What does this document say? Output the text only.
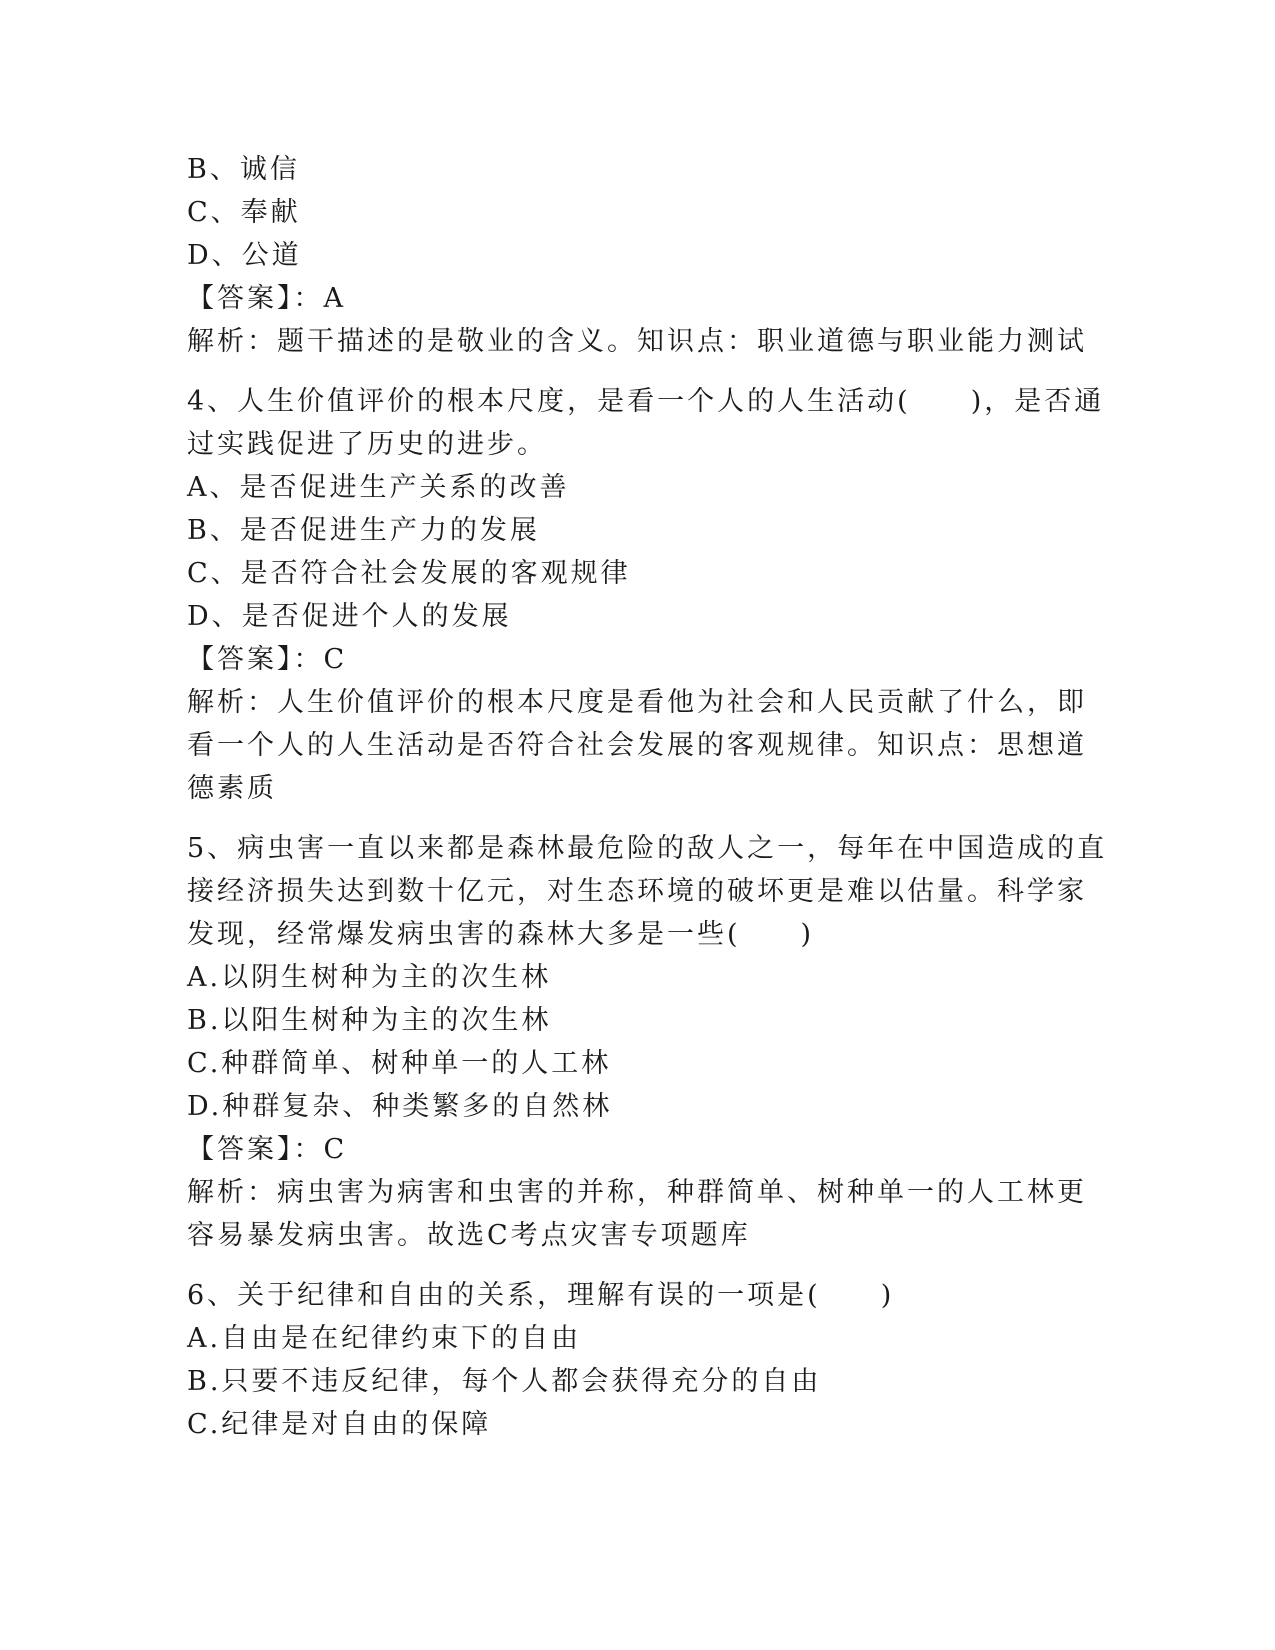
B、诚信
C、奉献
D、公道
【答案】：A
解析：题干描述的是敬业的含义。知识点：职业道德与职业能力测试
4、人生价值评价的根本尺度，是看一个人的人生活动(　　)，是否通
过实践促进了历史的进步。
A、是否促进生产关系的改善
B、是否促进生产力的发展
C、是否符合社会发展的客观规律
D、是否促进个人的发展
【答案】：C
解析：人生价值评价的根本尺度是看他为社会和人民贡献了什么，即
看一个人的人生活动是否符合社会发展的客观规律。知识点：思想道
德素质
5、病虫害一直以来都是森林最危险的敌人之一，每年在中国造成的直
接经济损失达到数十亿元，对生态环境的破坏更是难以估量。科学家
发现，经常爆发病虫害的森林大多是一些(　　)
A.以阴生树种为主的次生林
B.以阳生树种为主的次生林
C.种群简单、树种单一的人工林
D.种群复杂、种类繁多的自然林
【答案】：C
解析：病虫害为病害和虫害的并称，种群简单、树种单一的人工林更
容易暴发病虫害。故选C考点灾害专项题库
6、关于纪律和自由的关系，理解有误的一项是(　　)
A.自由是在纪律约束下的自由
B.只要不违反纪律，每个人都会获得充分的自由
C.纪律是对自由的保障
